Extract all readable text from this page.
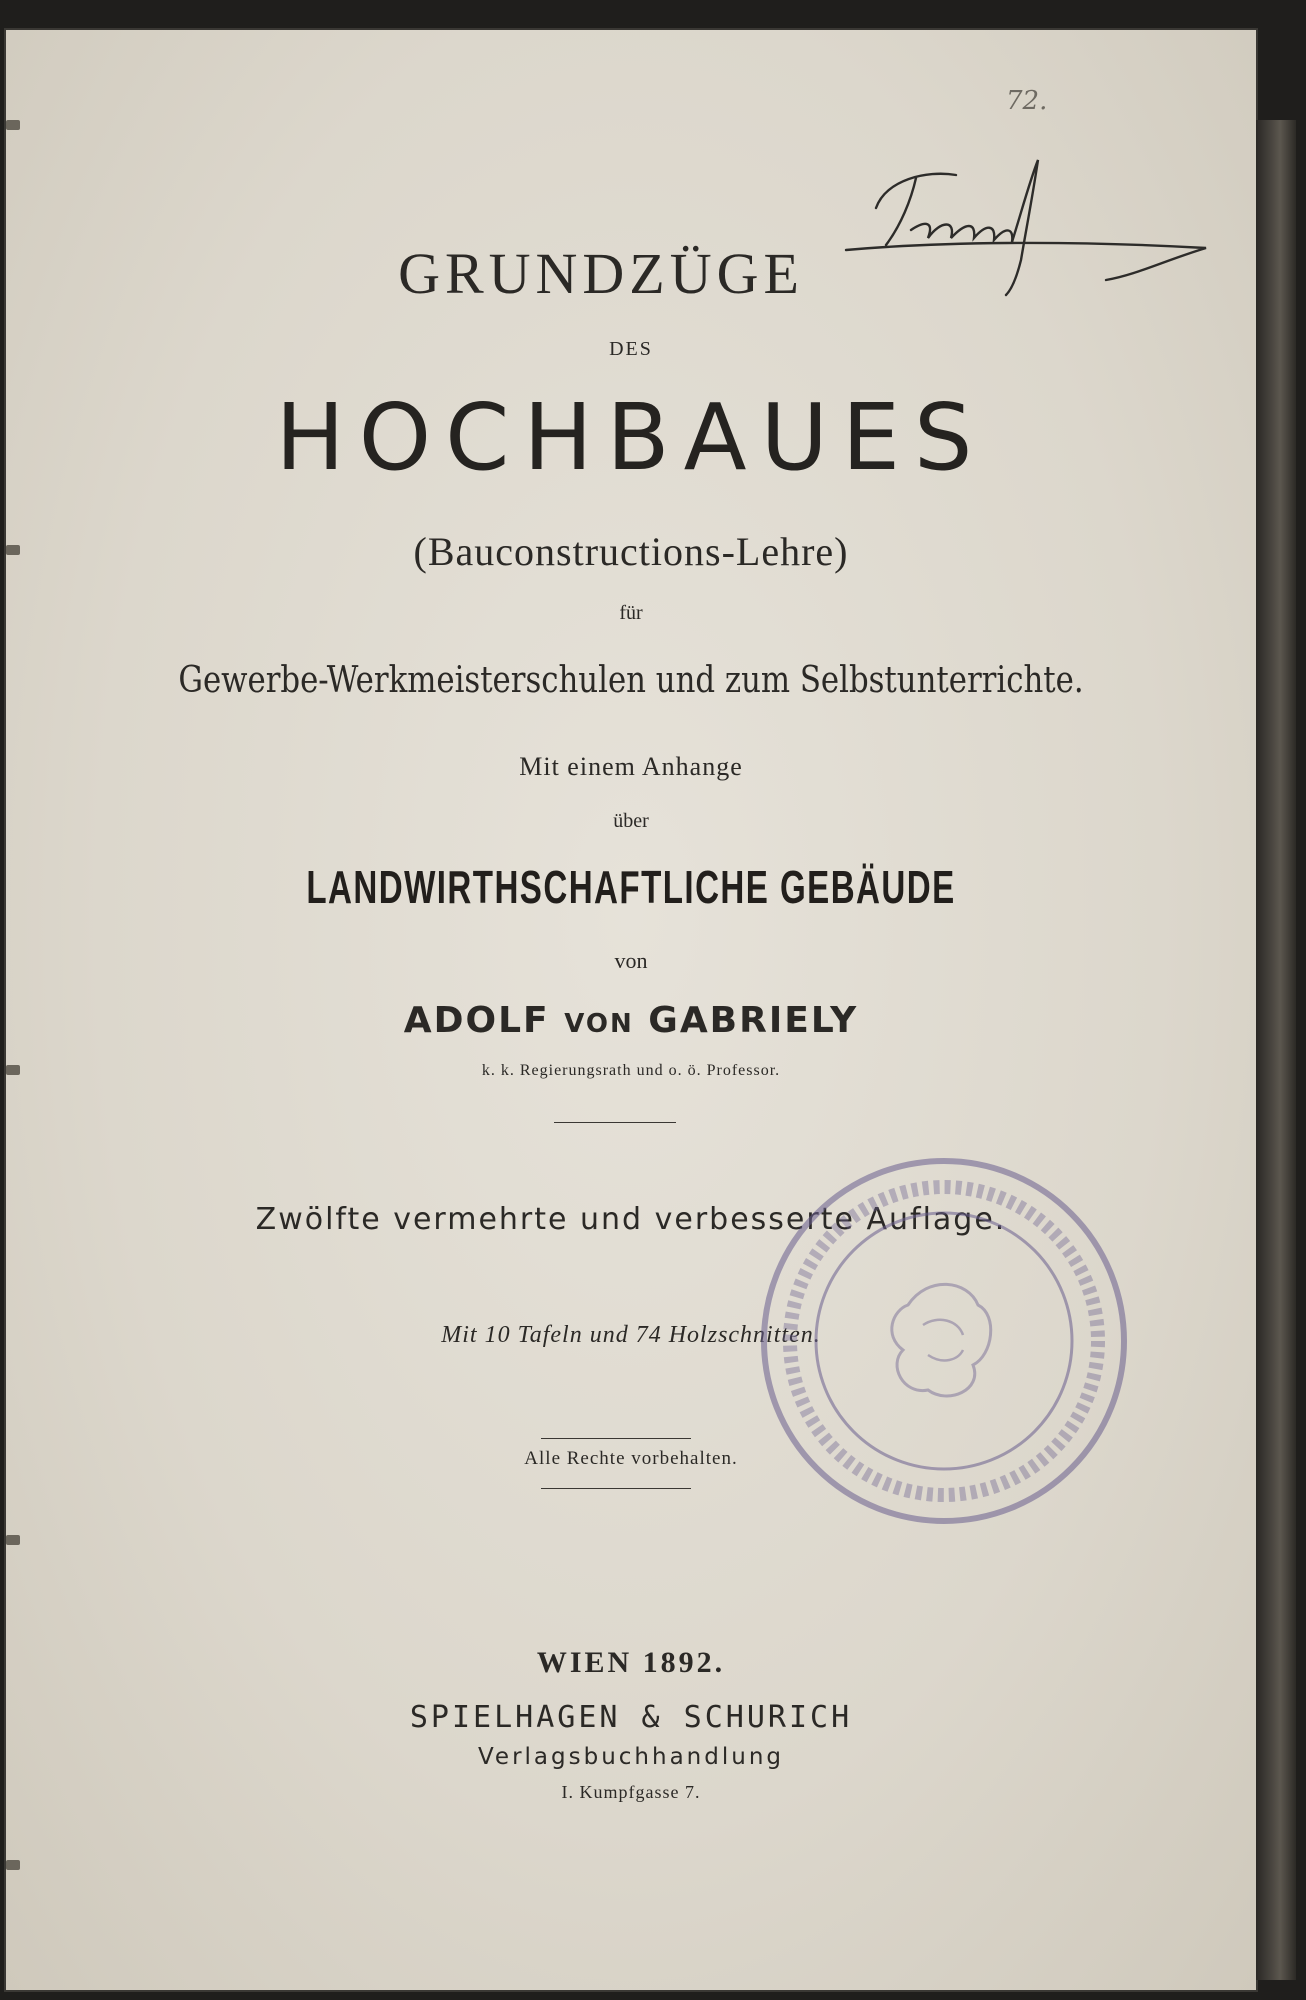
72.
GRUNDZÜGE
DES
HOCHBAUES
(Bauconstructions-Lehre)
für
Gewerbe-Werkmeisterschulen und zum Selbstunterrichte.
Mit einem Anhange
über
LANDWIRTHSCHAFTLICHE GEBÄUDE
von
ADOLF VON GABRIELY
k. k. Regierungsrath und o. ö. Professor.
Zwölfte vermehrte und verbesserte Auflage.
Mit 10 Tafeln und 74 Holzschnitten.
Alle Rechte vorbehalten.
WIEN 1892.
SPIELHAGEN & SCHURICH
Verlagsbuchhandlung
I. Kumpfgasse 7.
